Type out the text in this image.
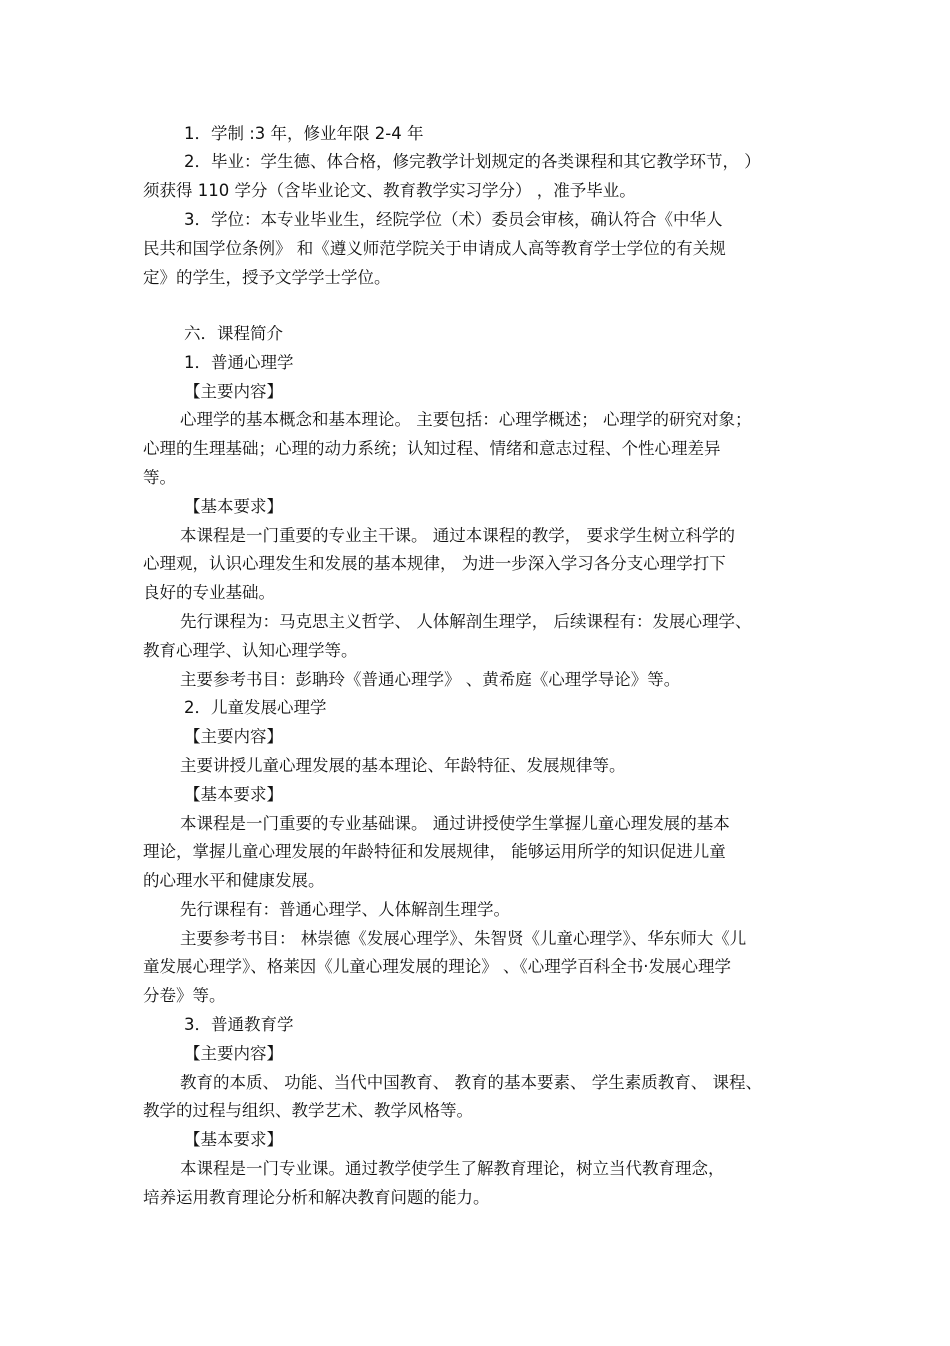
1．学制 :3 年，修业年限 2-4 年
2．毕业：学生德、体合格，修完教学计划规定的各类课程和其它教学环节， ）
须获得 110 学分（含毕业论文、教育教学实习学分） ，准予毕业。
3．学位：本专业毕业生，经院学位（术）委员会审核，确认符合《中华人
民共和国学位条例》 和《遵义师范学院关于申请成人高等教育学士学位的有关规
定》的学生，授予文学学士学位。
六．课程简介
1．普通心理学
【主要内容】
心理学的基本概念和基本理论。 主要包括：心理学概述； 心理学的研究对象；
心理的生理基础；心理的动力系统；认知过程、情绪和意志过程、个性心理差异
等。
【基本要求】
本课程是一门重要的专业主干课。 通过本课程的教学， 要求学生树立科学的
心理观，认识心理发生和发展的基本规律， 为进一步深入学习各分支心理学打下
良好的专业基础。
先行课程为：马克思主义哲学、 人体解剖生理学， 后续课程有：发展心理学、
教育心理学、认知心理学等。
主要参考书目：彭聃玲《普通心理学》 、黄希庭《心理学导论》等。
2．儿童发展心理学
【主要内容】
主要讲授儿童心理发展的基本理论、年龄特征、发展规律等。
【基本要求】
本课程是一门重要的专业基础课。 通过讲授使学生掌握儿童心理发展的基本
理论，掌握儿童心理发展的年龄特征和发展规律， 能够运用所学的知识促进儿童
的心理水平和健康发展。
先行课程有：普通心理学、人体解剖生理学。
主要参考书目： 林崇德《发展心理学》、朱智贤《儿童心理学》、华东师大《儿
童发展心理学》、格莱因《儿童心理发展的理论》 、《心理学百科全书·发展心理学
分卷》等。
3．普通教育学
【主要内容】
教育的本质、 功能、当代中国教育、 教育的基本要素、 学生素质教育、 课程、
教学的过程与组织、教学艺术、教学风格等。
【基本要求】
本课程是一门专业课。通过教学使学生了解教育理论，树立当代教育理念，
培养运用教育理论分析和解决教育问题的能力。
